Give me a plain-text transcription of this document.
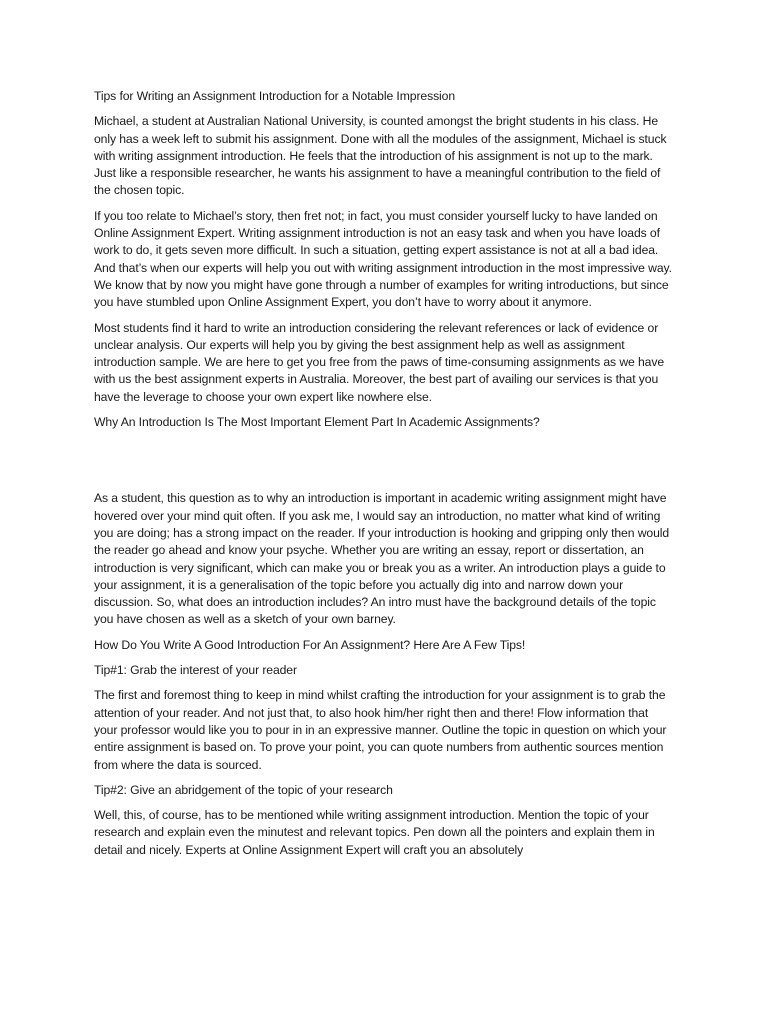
Tips for Writing an Assignment Introduction for a Notable Impression

Michael, a student at Australian National University, is counted amongst the bright students in his class. He only has a week left to submit his assignment. Done with all the modules of the assignment, Michael is stuck with writing assignment introduction. He feels that the introduction of his assignment is not up to the mark. Just like a responsible researcher, he wants his assignment to have a meaningful contribution to the field of the chosen topic.

If you too relate to Michael’s story, then fret not; in fact, you must consider yourself lucky to have landed on Online Assignment Expert. Writing assignment introduction is not an easy task and when you have loads of work to do, it gets seven more difficult. In such a situation, getting expert assistance is not at all a bad idea. And that’s when our experts will help you out with writing assignment introduction in the most impressive way. We know that by now you might have gone through a number of examples for writing introductions, but since you have stumbled upon Online Assignment Expert, you don’t have to worry about it anymore.

Most students find it hard to write an introduction considering the relevant references or lack of evidence or unclear analysis. Our experts will help you by giving the best assignment help as well as assignment introduction sample. We are here to get you free from the paws of time-consuming assignments as we have with us the best assignment experts in Australia. Moreover, the best part of availing our services is that you have the leverage to choose your own expert like nowhere else.

Why An Introduction Is The Most Important Element Part In Academic Assignments?

As a student, this question as to why an introduction is important in academic writing assignment might have hovered over your mind quit often. If you ask me, I would say an introduction, no matter what kind of writing you are doing; has a strong impact on the reader. If your introduction is hooking and gripping only then would the reader go ahead and know your psyche. Whether you are writing an essay, report or dissertation, an introduction is very significant, which can make you or break you as a writer. An introduction plays a guide to your assignment, it is a generalisation of the topic before you actually dig into and narrow down your discussion. So, what does an introduction includes? An intro must have the background details of the topic you have chosen as well as a sketch of your own barney.

How Do You Write A Good Introduction For An Assignment? Here Are A Few Tips!

Tip#1: Grab the interest of your reader

The first and foremost thing to keep in mind whilst crafting the introduction for your assignment is to grab the attention of your reader. And not just that, to also hook him/her right then and there! Flow information that your professor would like you to pour in in an expressive manner. Outline the topic in question on which your entire assignment is based on. To prove your point, you can quote numbers from authentic sources mention from where the data is sourced.

Tip#2: Give an abridgement of the topic of your research

Well, this, of course, has to be mentioned while writing assignment introduction. Mention the topic of your research and explain even the minutest and relevant topics. Pen down all the pointers and explain them in detail and nicely. Experts at Online Assignment Expert will craft you an absolutely
